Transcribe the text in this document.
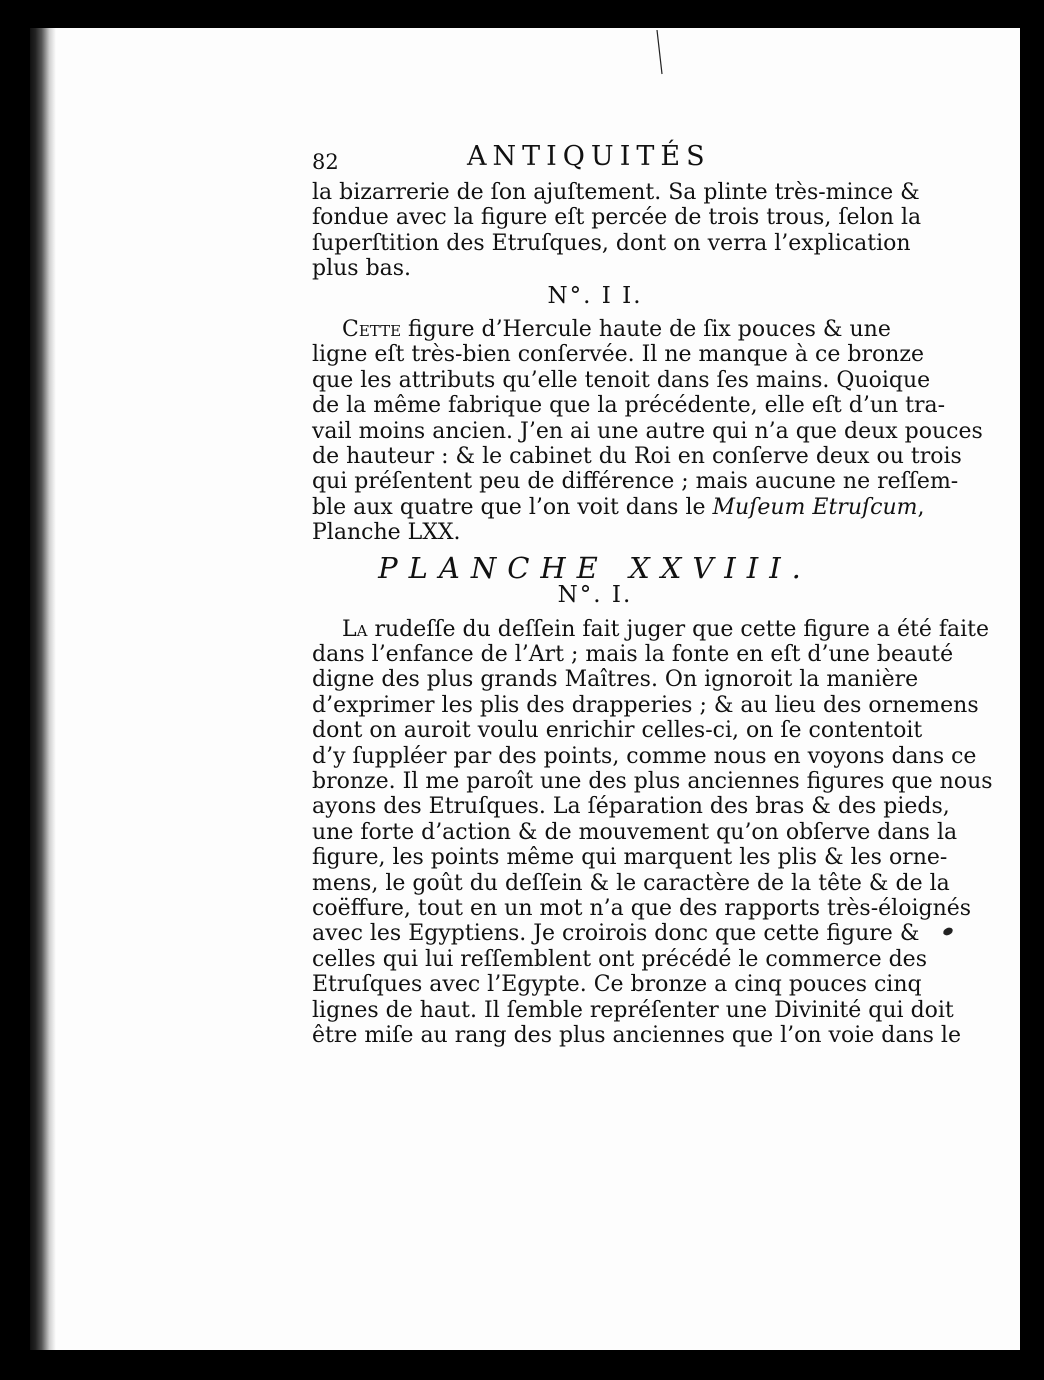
82	ANTIQUITÉS

la bizarrerie de ſon ajuſtement. Sa plinte très-mince &
fondue avec la figure eſt percée de trois trous, ſelon la
ſuperſtition des Etruſques, dont on verra l’explication
plus bas.

N°. I I.

Cette figure d’Hercule haute de ſix pouces & une
ligne eſt très-bien conſervée. Il ne manque à ce bronze
que les attributs qu’elle tenoit dans ſes mains. Quoique
de la même fabrique que la précédente, elle eſt d’un tra-
vail moins ancien. J’en ai une autre qui n’a que deux pouces
de hauteur : & le cabinet du Roi en conſerve deux ou trois
qui préſentent peu de différence ; mais aucune ne reſſem-
ble aux quatre que l’on voit dans le Muſeum Etruſcum,
Planche LXX.

PLANCHE XXVIII.
N°. I.

La rudeſſe du deſſein fait juger que cette figure a été faite
dans l’enfance de l’Art ; mais la fonte en eſt d’une beauté
digne des plus grands Maîtres. On ignoroit la manière
d’exprimer les plis des drapperies ; & au lieu des ornemens
dont on auroit voulu enrichir celles-ci, on ſe contentoit
d’y ſuppléer par des points, comme nous en voyons dans ce
bronze. Il me paroît une des plus anciennes figures que nous
ayons des Etruſques. La ſéparation des bras & des pieds,
une forte d’action & de mouvement qu’on obſerve dans la
figure, les points même qui marquent les plis & les orne-
mens, le goût du deſſein & le caractère de la tête & de la
coëffure, tout en un mot n’a que des rapports très-éloignés
avec les Egyptiens. Je croirois donc que cette figure &
celles qui lui reſſemblent ont précédé le commerce des
Etruſques avec l’Egypte. Ce bronze a cinq pouces cinq
lignes de haut. Il ſemble repréſenter une Divinité qui doit
être miſe au rang des plus anciennes que l’on voie dans le
